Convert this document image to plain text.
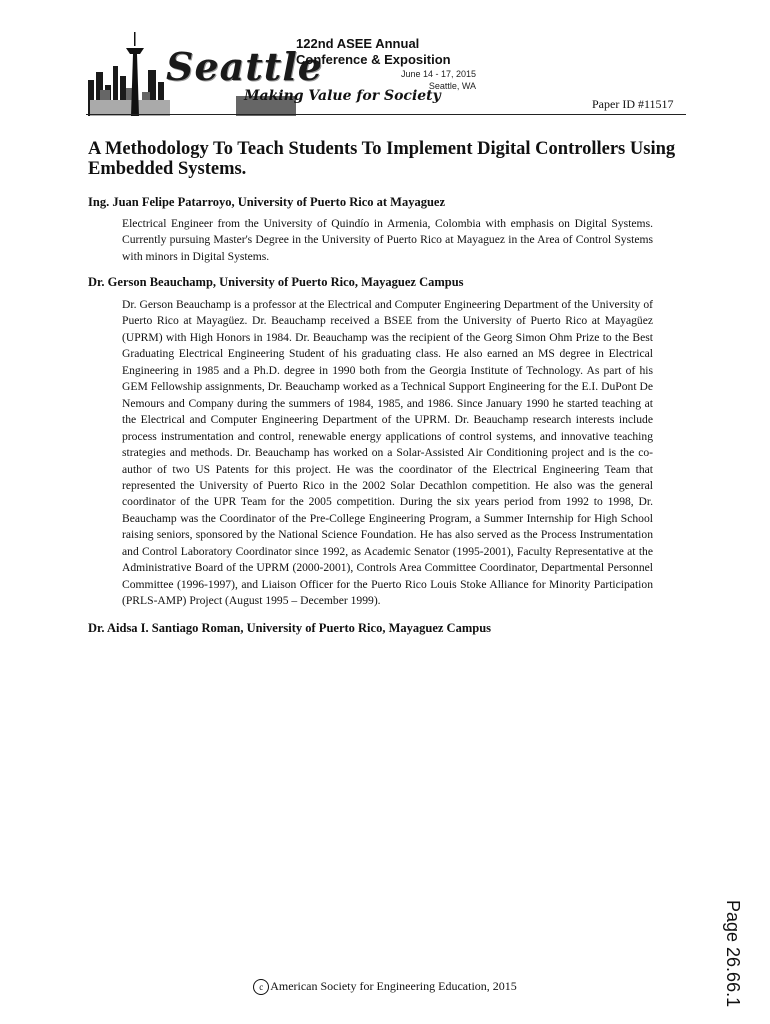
Seattle
Making Value for Society
122nd ASEE Annual
Conference & Exposition
June 14 - 17, 2015
Seattle, WA
Paper ID #11517
A Methodology To Teach Students To Implement Digital Controllers Using Embedded Systems.
Ing. Juan Felipe Patarroyo, University of Puerto Rico at Mayaguez

Electrical Engineer from the University of Quindío in Armenia, Colombia with emphasis on Digital Systems. Currently pursuing Master's Degree in the University of Puerto Rico at Mayaguez in the Area of Control Systems with minors in Digital Systems.

Dr. Gerson Beauchamp, University of Puerto Rico, Mayaguez Campus

Dr. Gerson Beauchamp is a professor at the Electrical and Computer Engineering Department of the University of Puerto Rico at Mayagüez. Dr. Beauchamp received a BSEE from the University of Puerto Rico at Mayagüez (UPRM) with High Honors in 1984. Dr. Beauchamp was the recipient of the Georg Simon Ohm Prize to the Best Graduating Electrical Engineering Student of his graduating class. He also earned an MS degree in Electrical Engineering in 1985 and a Ph.D. degree in 1990 both from the Georgia Institute of Technology. As part of his GEM Fellowship assignments, Dr. Beauchamp worked as a Technical Support Engineering for the E.I. DuPont De Nemours and Company during the summers of 1984, 1985, and 1986. Since January 1990 he started teaching at the Electrical and Computer Engineering Department of the UPRM. Dr. Beauchamp research interests include process instrumentation and control, renewable energy applications of control systems, and innovative teaching strategies and methods. Dr. Beauchamp has worked on a Solar-Assisted Air Conditioning project and is the co-author of two US Patents for this project. He was the coordinator of the Electrical Engineering Team that represented the University of Puerto Rico in the 2002 Solar Decathlon competition. He also was the general coordinator of the UPR Team for the 2005 competition. During the six years period from 1992 to 1998, Dr. Beauchamp was the Coordinator of the Pre-College Engineering Program, a Summer Internship for High School raising seniors, sponsored by the National Science Foundation. He has also served as the Process Instrumentation and Control Laboratory Coordinator since 1992, as Academic Senator (1995-2001), Faculty Representative at the Administrative Board of the UPRM (2000-2001), Controls Area Committee Coordinator, Departmental Personnel Committee (1996-1997), and Liaison Officer for the Puerto Rico Louis Stoke Alliance for Minority Participation (PRLS-AMP) Project (August 1995 – December 1999).

Dr. Aidsa I. Santiago Roman, University of Puerto Rico, Mayaguez Campus
Page 26.66.1
c American Society for Engineering Education, 2015
